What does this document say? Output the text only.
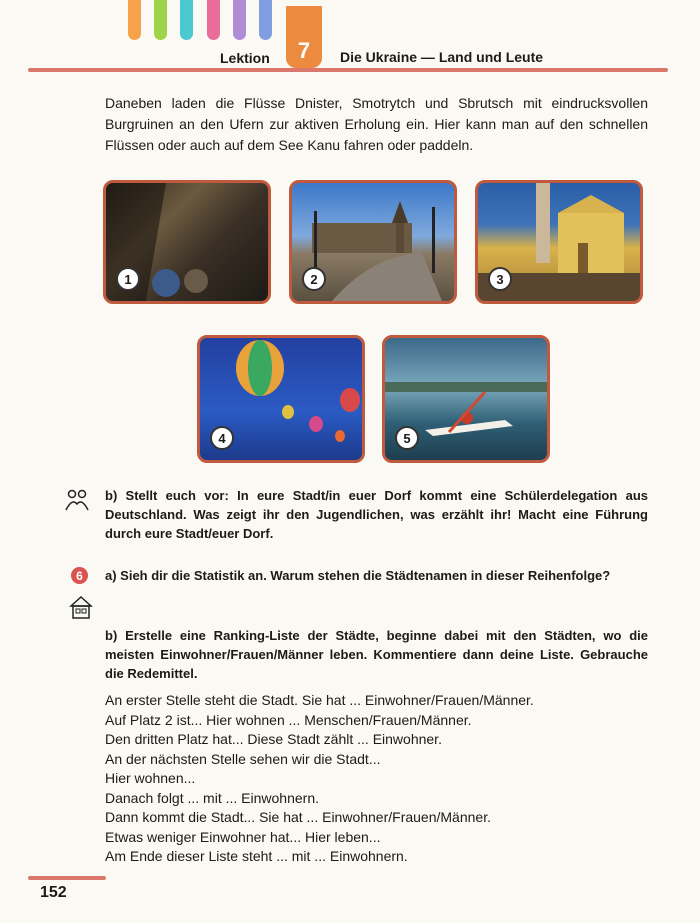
Lektion	7	Die Ukraine — Land und Leute
Daneben laden die Flüsse Dnister, Smotrytch und Sbrutsch mit eindrucksvollen Burgruinen an den Ufern zur aktiven Erholung ein. Hier kann man auf den schnellen Flüssen oder auch auf dem See Kanu fahren oder paddeln.
1	2	3
4	5
b) Stellt euch vor: In eure Stadt/in euer Dorf kommt eine Schülerdelegation aus Deutschland. Was zeigt ihr den Jugendlichen, was erzählt ihr! Macht eine Führung durch eure Stadt/euer Dorf.
6	a) Sieh dir die Statistik an. Warum stehen die Städtenamen in dieser Reihenfolge?
b) Erstelle eine Ranking-Liste der Städte, beginne dabei mit den Städten, wo die meisten Einwohner/Frauen/Männer leben. Kommentiere dann deine Liste. Gebrauche die Redemittel.
An erster Stelle steht die Stadt. Sie hat ... Einwohner/Frauen/Männer.
Auf Platz 2 ist... Hier wohnen ... Menschen/Frauen/Männer.
Den dritten Platz hat... Diese Stadt zählt ... Einwohner.
An der nächsten Stelle sehen wir die Stadt...
Hier wohnen...
Danach folgt ... mit ... Einwohnern.
Dann kommt die Stadt... Sie hat ... Einwohner/Frauen/Männer.
Etwas weniger Einwohner hat... Hier leben...
Am Ende dieser Liste steht ... mit ... Einwohnern.
152
